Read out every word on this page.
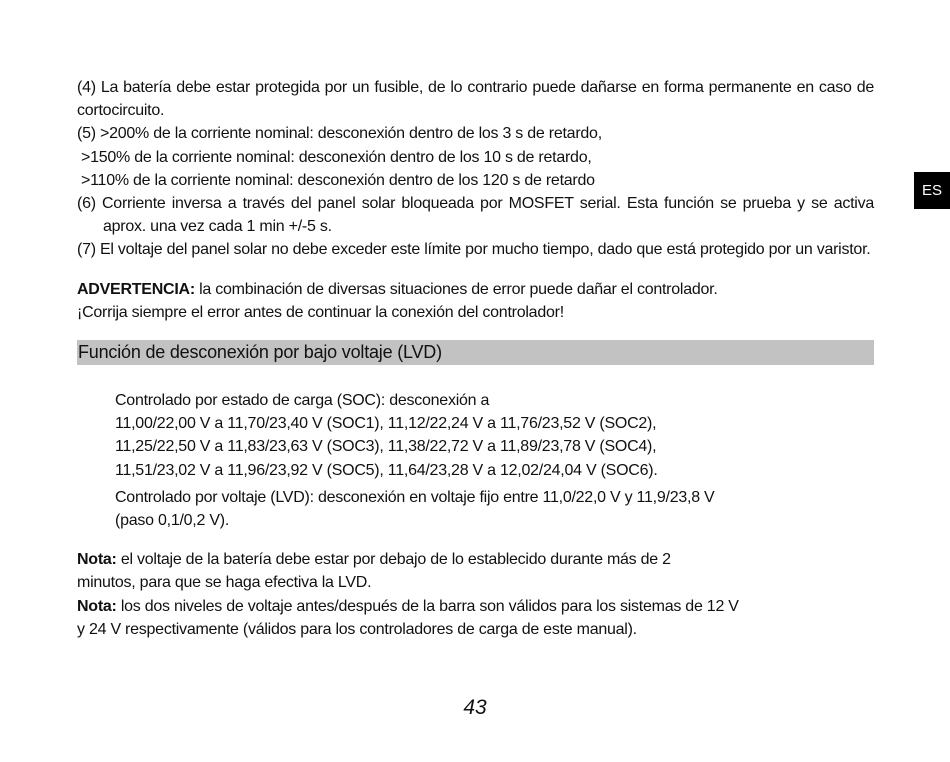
ES

(4) La batería debe estar protegida por un fusible, de lo contrario puede dañarse en forma permanente en caso de cortocircuito.

(5) >200% de la corriente nominal: desconexión dentro de los 3 s de retardo,

>150% de la corriente nominal: desconexión dentro de los 10 s de retardo,

>110% de la corriente nominal: desconexión dentro de los 120 s de retardo

(6) Corriente inversa a través del panel solar bloqueada por MOSFET serial. Esta función se prueba y se activa aprox. una vez cada 1 min +/-5 s.

(7) El voltaje del panel solar no debe exceder este límite por mucho tiempo, dado que está protegido por un varistor.

ADVERTENCIA: la combinación de diversas situaciones de error puede dañar el controlador.

¡Corrija siempre el error antes de continuar la conexión del controlador!

Función de desconexión por bajo voltaje (LVD)

Controlado por estado de carga (SOC): desconexión a

11,00/22,00 V a 11,70/23,40 V (SOC1), 11,12/22,24 V a 11,76/23,52 V (SOC2),

11,25/22,50 V a 11,83/23,63 V (SOC3), 11,38/22,72 V a 11,89/23,78 V (SOC4),

11,51/23,02 V a 11,96/23,92 V (SOC5), 11,64/23,28 V a 12,02/24,04 V (SOC6).

Controlado por voltaje (LVD): desconexión en voltaje fijo entre 11,0/22,0 V y 11,9/23,8 V

(paso 0,1/0,2 V).

Nota: el voltaje de la batería debe estar por debajo de lo establecido durante más de 2

minutos, para que se haga efectiva la LVD.

Nota: los dos niveles de voltaje antes/después de la barra son válidos para los sistemas de 12 V

y 24 V respectivamente (válidos para los controladores de carga de este manual).

43
